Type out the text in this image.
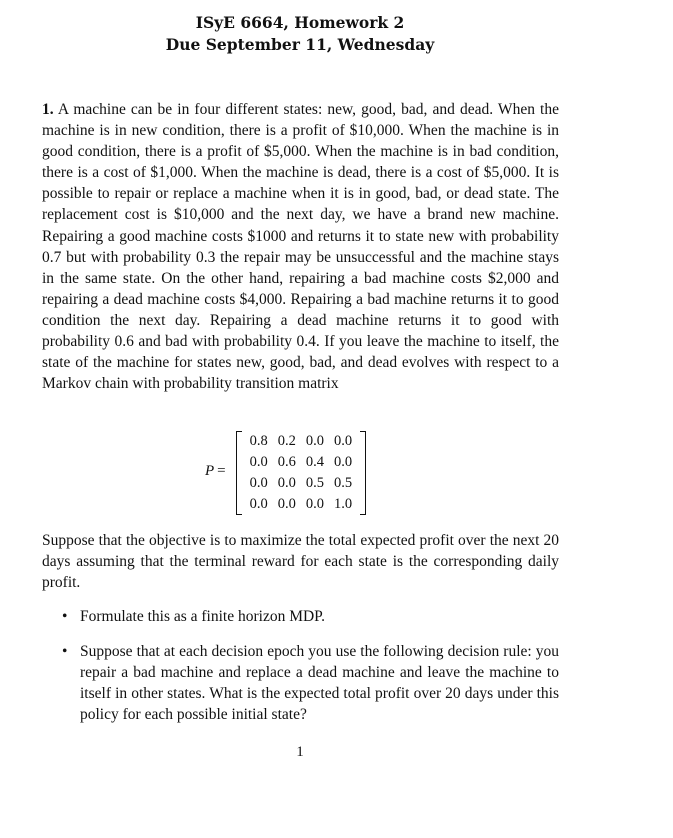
ISyE 6664, Homework 2
Due September 11, Wednesday
1. A machine can be in four different states: new, good, bad, and dead. When the machine is in new condition, there is a profit of $10,000. When the machine is in good condition, there is a profit of $5,000. When the machine is in bad condition, there is a cost of $1,000. When the machine is dead, there is a cost of $5,000. It is possible to repair or replace a machine when it is in good, bad, or dead state. The replacement cost is $10,000 and the next day, we have a brand new machine. Repairing a good machine costs $1000 and returns it to state new with probability 0.7 but with probability 0.3 the repair may be unsuccessful and the machine stays in the same state. On the other hand, repairing a bad machine costs $2,000 and repairing a dead machine costs $4,000. Repairing a bad machine returns it to good condition the next day. Repairing a dead machine returns it to good with probability 0.6 and bad with probability 0.4. If you leave the machine to itself, the state of the machine for states new, good, bad, and dead evolves with respect to a Markov chain with probability transition matrix
P =
0.8	0.2	0.0	0.0
0.0	0.6	0.4	0.0
0.0	0.0	0.5	0.5
0.0	0.0	0.0	1.0
Suppose that the objective is to maximize the total expected profit over the next 20 days assuming that the terminal reward for each state is the corresponding daily profit.
• Formulate this as a finite horizon MDP.
• Suppose that at each decision epoch you use the following decision rule: you repair a bad machine and replace a dead machine and leave the machine to itself in other states. What is the expected total profit over 20 days under this policy for each possible initial state?
1
